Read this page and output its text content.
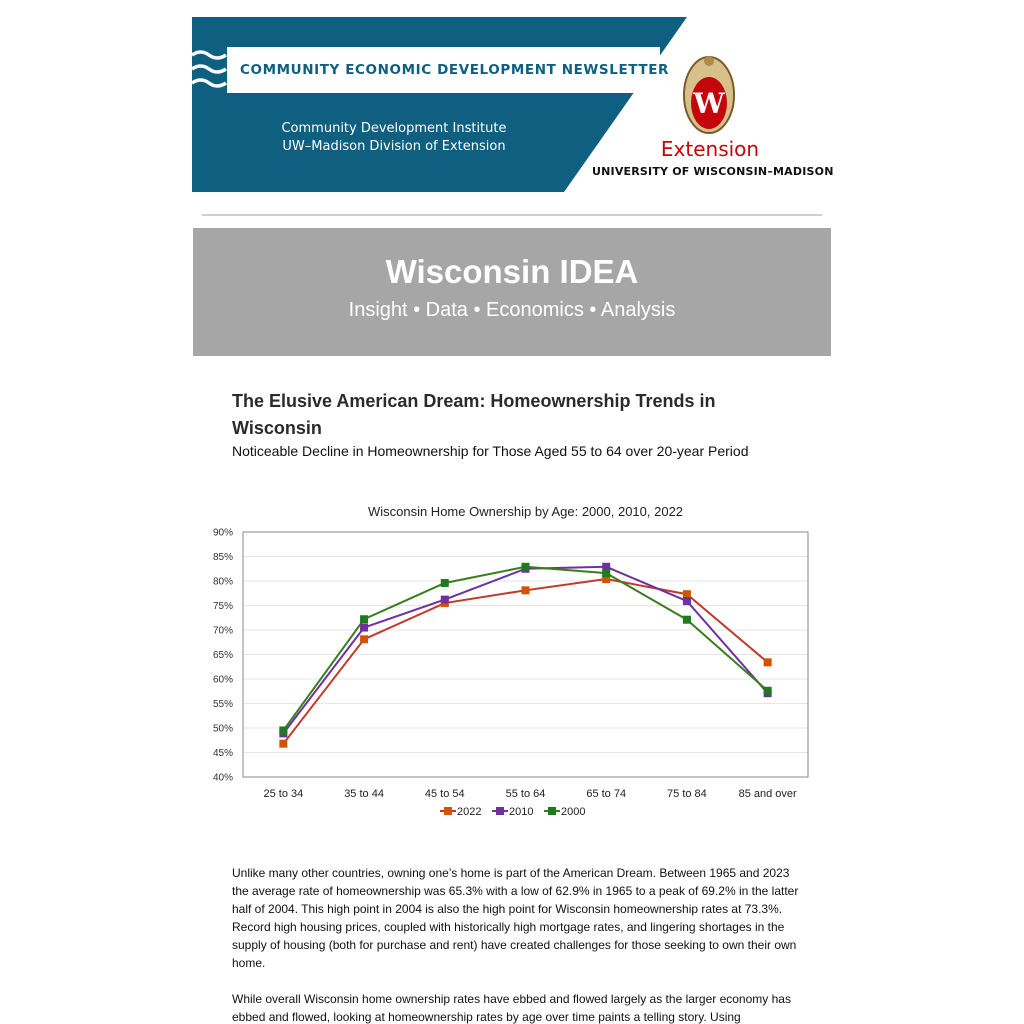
W
COMMUNITY ECONOMIC DEVELOPMENT NEWSLETTER
Community Development Institute
UW–Madison Division of Extension	Extension
UNIVERSITY OF WISCONSIN–MADISON
Wisconsin IDEA
Insight • Data • Economics • Analysis
The Elusive American Dream: Homeownership Trends in Wisconsin
Noticeable Decline in Homeownership for Those Aged 55 to 64 over 20-year Period
Wisconsin Home Ownership by Age: 2000, 2010, 2022
40%
45%
50%
55%
60%
65%
70%
75%
80%
85%
90%
25 to 34	35 to 44	45 to 54	55 to 64	65 to 74	75 to 84	85 and over
2022	2010	2000
Unlike many other countries, owning one’s home is part of the American Dream. Between 1965 and 2023 the average rate of homeownership was 65.3% with a low of 62.9% in 1965 to a peak of 69.2% in the latter half of 2004. This high point in 2004 is also the high point for Wisconsin homeownership rates at 73.3%. Record high housing prices, coupled with historically high mortgage rates, and lingering shortages in the supply of housing (both for purchase and rent) have created challenges for those seeking to own their own home.
While overall Wisconsin home ownership rates have ebbed and flowed largely as the larger economy has ebbed and flowed, looking at homeownership rates by age over time paints a telling story. Using
